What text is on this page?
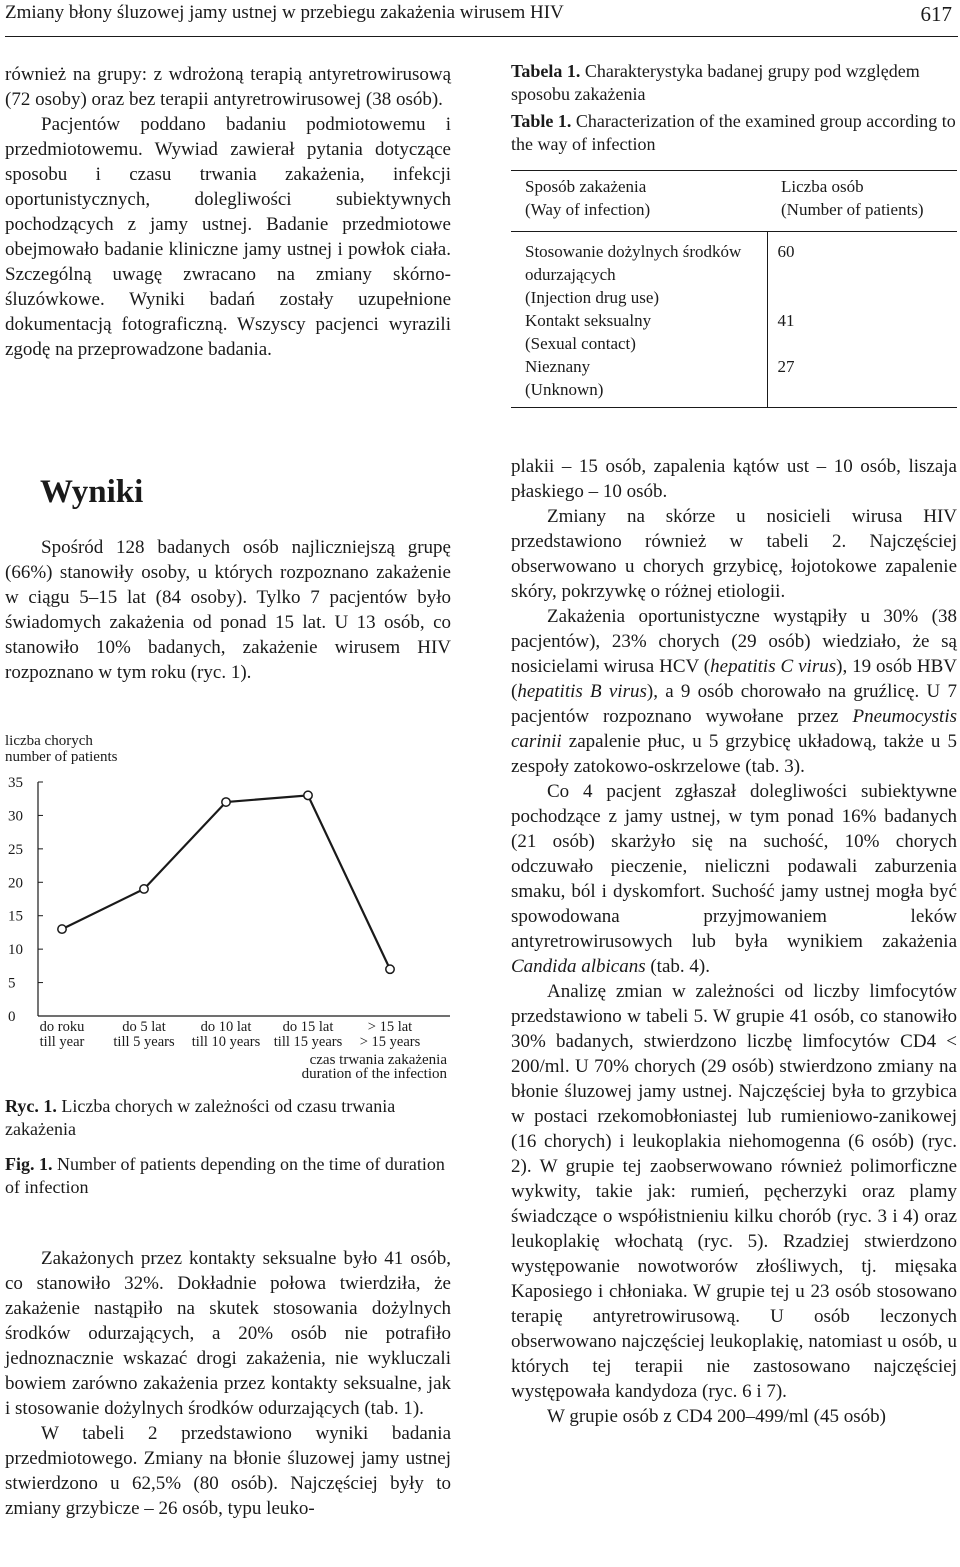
Zmiany błony śluzowej jamy ustnej w przebiegu zakażenia wirusem HIV	617

również na grupy: z wdrożoną terapią antyretrowirusową (72 osoby) oraz bez terapii antyretrowirusowej (38 osób).

Pacjentów poddano badaniu podmiotowemu i przedmiotowemu. Wywiad zawierał pytania dotyczące sposobu i czasu trwania zakażenia, infekcji oportunistycznych, dolegliwości subiektywnych pochodzących z jamy ustnej. Badanie przedmiotowe obejmowało badanie kliniczne jamy ustnej i powłok ciała. Szczególną uwagę zwracano na zmiany skórno-śluzówkowe. Wyniki badań zostały uzupełnione dokumentacją fotograficzną. Wszyscy pacjenci wyrazili zgodę na przeprowadzone badania.

Tabela 1. Charakterystyka badanej grupy pod względem sposobu zakażenia

Table 1. Characterization of the examined group according to the way of infection

Sposób zakażenia
(Way of infection)	Liczba osób
(Number of patients)

Stosowanie dożylnych środków odurzających
(Injection drug use)	60

Kontakt seksualny
(Sexual contact)	41

Nieznany
(Unknown)	27
Wyniki

Spośród 128 badanych osób najliczniejszą grupę (66%) stanowiły osoby, u których rozpoznano zakażenie w ciągu 5–15 lat (84 osoby). Tylko 7 pacjentów było świadomych zakażenia od ponad 15 lat. U 13 osób, co stanowiło 10% badanych, zakażenie wirusem HIV rozpoznano w tym roku (ryc. 1).

liczba chorych
number of patients
0
5
10
15
20
25
30
35
do roku
till year
do 5 lat
till 5 years
do 10 lat
till 10 years
do 15 lat
till 15 years
> 15 lat
> 15 years
czas trwania zakażenia
duration of the infection

Ryc. 1. Liczba chorych w zależności od czasu trwania zakażenia

Fig. 1. Number of patients depending on the time of duration of infection

Zakażonych przez kontakty seksualne było 41 osób, co stanowiło 32%. Dokładnie połowa twierdziła, że zakażenie nastąpiło na skutek stosowania dożylnych środków odurzających, a 20% osób nie potrafiło jednoznacznie wskazać drogi zakażenia, nie wykluczali bowiem zarówno zakażenia przez kontakty seksualne, jak i stosowanie dożylnych środków odurzających (tab. 1).

W tabeli 2 przedstawiono wyniki badania przedmiotowego. Zmiany na błonie śluzowej jamy ustnej stwierdzono u 62,5% (80 osób). Najczęściej były to zmiany grzybicze – 26 osób, typu leuko-

plakii – 15 osób, zapalenia kątów ust – 10 osób, liszaja płaskiego – 10 osób.

Zmiany na skórze u nosicieli wirusa HIV przedstawiono również w tabeli 2. Najczęściej obserwowano u chorych grzybicę, łojotokowe zapalenie skóry, pokrzywkę o różnej etiologii.

Zakażenia oportunistyczne wystąpiły u 30% (38 pacjentów), 23% chorych (29 osób) wiedziało, że są nosicielami wirusa HCV (hepatitis C virus), 19 osób HBV (hepatitis B virus), a 9 osób chorowało na gruźlicę. U 7 pacjentów rozpoznano wywołane przez Pneumocystis carinii zapalenie płuc, u 5 grzybicę układową, także u 5 zespoły zatokowo-oskrzelowe (tab. 3).

Co 4 pacjent zgłaszał dolegliwości subiektywne pochodzące z jamy ustnej, w tym ponad 16% badanych (21 osób) skarżyło się na suchość, 10% chorych odczuwało pieczenie, nieliczni podawali zaburzenia smaku, ból i dyskomfort. Suchość jamy ustnej mogła być spowodowana przyjmowaniem leków antyretrowirusowych lub była wynikiem zakażenia Candida albicans (tab. 4).

Analizę zmian w zależności od liczby limfocytów przedstawiono w tabeli 5. W grupie 41 osób, co stanowiło 30% badanych, stwierdzono liczbę limfocytów CD4 < 200/ml. U 70% chorych (29 osób) stwierdzono zmiany na błonie śluzowej jamy ustnej. Najczęściej była to grzybica w postaci rzekomobłoniastej lub rumieniowo-zanikowej (16 chorych) i leukoplakia niehomogenna (6 osób) (ryc. 2). W grupie tej zaobserwowano również polimorficzne wykwity, takie jak: rumień, pęcherzyki oraz plamy świadczące o współistnieniu kilku chorób (ryc. 3 i 4) oraz leukoplakię włochatą (ryc. 5). Rzadziej stwierdzono występowanie nowotworów złośliwych, tj. mięsaka Kaposiego i chłoniaka. W grupie tej u 23 osób stosowano terapię antyretrowirusową. U osób leczonych obserwowano najczęściej leukoplakię, natomiast u osób, u których tej terapii nie zastosowano najczęściej występowała kandydoza (ryc. 6 i 7).

W grupie osób z CD4 200–499/ml (45 osób)
